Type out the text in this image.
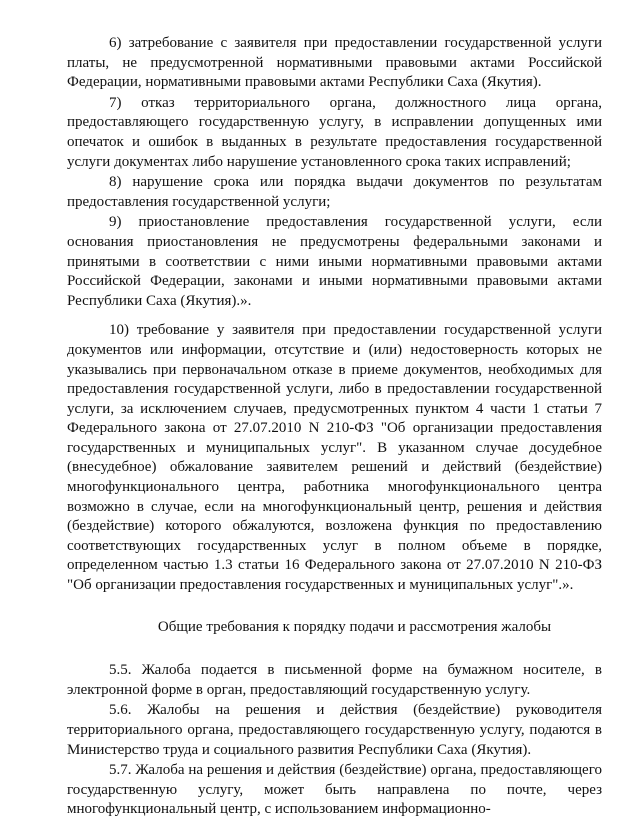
6) затребование с заявителя при предоставлении государственной услуги платы, не предусмотренной нормативными правовыми актами Российской Федерации, нормативными правовыми актами Республики Саха (Якутия).

7) отказ территориального органа, должностного лица органа, предоставляющего государственную услугу, в исправлении допущенных ими опечаток и ошибок в выданных в результате предоставления государственной услуги документах либо нарушение установленного срока таких исправлений;

8) нарушение срока или порядка выдачи документов по результатам предоставления государственной услуги;

9) приостановление предоставления государственной услуги, если основания приостановления не предусмотрены федеральными законами и принятыми в соответствии с ними иными нормативными правовыми актами Российской Федерации, законами и иными нормативными правовыми актами Республики Саха (Якутия).».

10) требование у заявителя при предоставлении государственной услуги документов или информации, отсутствие и (или) недостоверность которых не указывались при первоначальном отказе в приеме документов, необходимых для предоставления государственной услуги, либо в предоставлении государственной услуги, за исключением случаев, предусмотренных пунктом 4 части 1 статьи 7 Федерального закона от 27.07.2010 N 210-ФЗ "Об организации предоставления государственных и муниципальных услуг". В указанном случае досудебное (внесудебное) обжалование заявителем решений и действий (бездействие) многофункционального центра, работника многофункционального центра возможно в случае, если на многофункциональный центр, решения и действия (бездействие) которого обжалуются, возложена функция по предоставлению соответствующих государственных услуг в полном объеме в порядке, определенном частью 1.3 статьи 16 Федерального закона от 27.07.2010 N 210-ФЗ "Об организации предоставления государственных и муниципальных услуг".».

Общие требования к порядку подачи и рассмотрения жалобы

5.5. Жалоба подается в письменной форме на бумажном носителе, в электронной форме в орган, предоставляющий государственную услугу.

5.6. Жалобы на решения и действия (бездействие) руководителя территориального органа, предоставляющего государственную услугу, подаются в Министерство труда и социального развития Республики Саха (Якутия).

5.7. Жалоба на решения и действия (бездействие) органа, предоставляющего государственную услугу, может быть направлена по почте, через многофункциональный центр, с использованием информационно-
